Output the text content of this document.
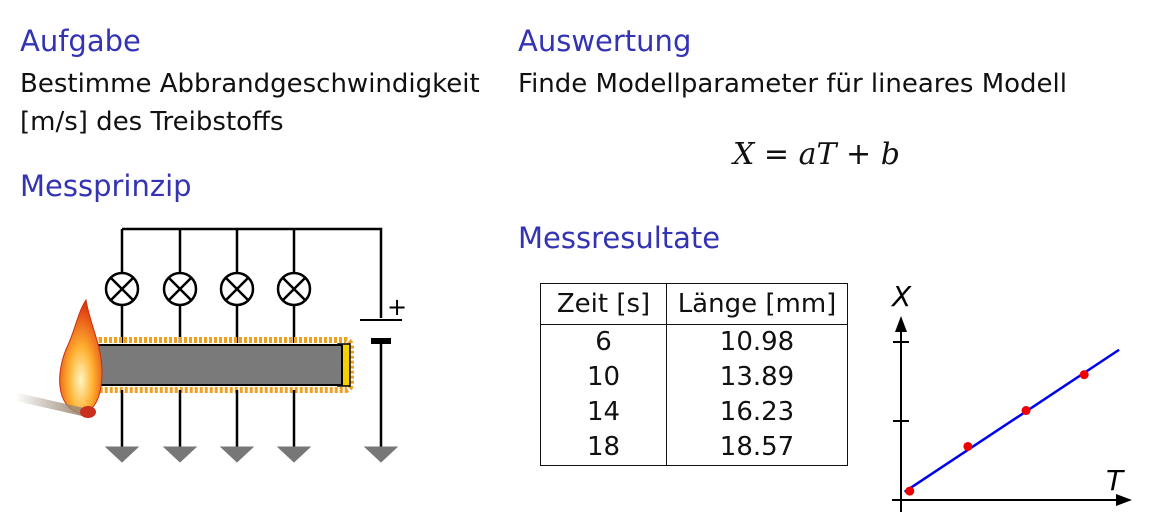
Aufgabe
Bestimme Abbrandgeschwindigkeit
[m/s] des Treibstoffs
Messprinzip
+
Auswertung
Finde Modellparameter für lineares Modell
X = aT + b
Messresultate
Zeit [s]	Länge [mm]
6	10.98
10	13.89
14	16.23
18	18.57
X
T
